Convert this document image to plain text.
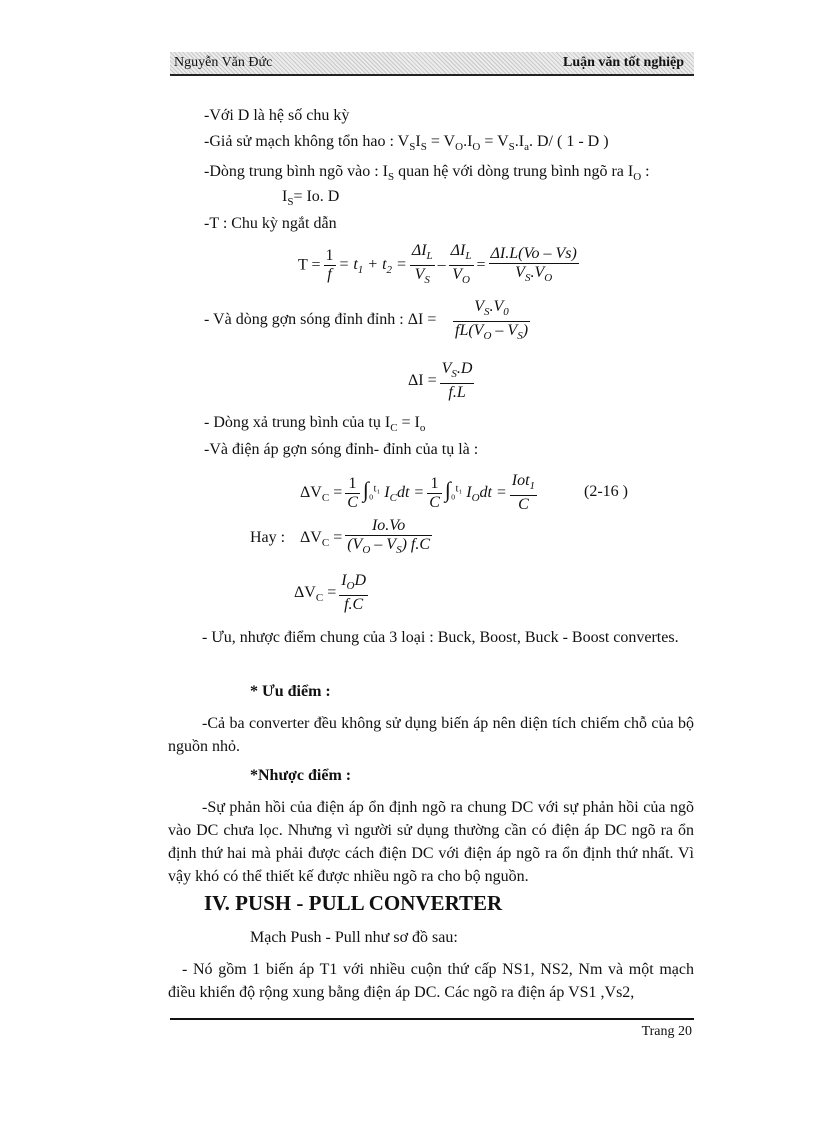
Nguyễn Văn Đức	Luận văn tốt nghiệp
-Với D là hệ số chu kỳ
-Giả sử mạch không tổn hao : $V_SI_S = V_O.I_O = V_S.I_a$. D/ ( 1 - D )
-Dòng trung bình ngõ vào : $I_S$ quan hệ với dòng trung bình ngõ ra $I_O$ :
$I_S= Io$. D
-T : Chu kỳ ngắt dẫn
$T = \frac{1}{f} = t_1 + t_2 = \frac{\Delta I_L}{V_S} - \frac{\Delta I_L}{V_O} = \frac{\Delta I.L(Vo - Vs)}{V_S.V_O}$
- Và dòng gợn sóng đỉnh đỉnh : $\Delta I = \frac{V_S.V_0}{fL(V_O - V_S)}$
$\Delta I = \frac{V_S.D}{f.L}$
- Dòng xả trung bình của tụ $I_C = I_o$
-Và điện áp gợn sóng đỉnh- đỉnh của tụ là :
$\Delta V_C = \frac{1}{C} \int_0^{t_1}$ $I_Cdt = \frac{1}{C} \int_0^{t_1}$ $I_Odt = \frac{Iot_1}{C}$	(2-16 )
Hay : $\Delta V_C = \frac{Io.Vo}{(V_O - V_S) f.C}$
$\Delta V_C = \frac{I_OD}{f.C}$
- Ưu, nhược điểm chung của 3 loại : Buck, Boost, Buck - Boost convertes.
* Ưu điểm :
-Cả ba converter đều không sử dụng biến áp nên diện tích chiếm chỗ của bộ nguồn nhỏ.
*Nhược điểm :
-Sự phản hồi của điện áp ổn định ngõ ra chung DC với sự phản hồi của ngõ vào DC chưa lọc. Nhưng vì người sử dụng thường cần có điện áp DC ngõ ra ổn định thứ hai mà phải được cách điện DC với điện áp ngõ ra ổn định thứ nhất. Vì vậy khó có thể thiết kế được nhiều ngõ ra cho bộ nguồn.
IV. PUSH - PULL CONVERTER
Mạch Push - Pull như sơ đồ sau:
- Nó gồm 1 biến áp T1 với nhiều cuộn thứ cấp NS1, NS2, Nm và một mạch điều khiển độ rộng xung bằng điện áp DC. Các ngõ ra điện áp VS1 ,Vs2,
Trang 20
